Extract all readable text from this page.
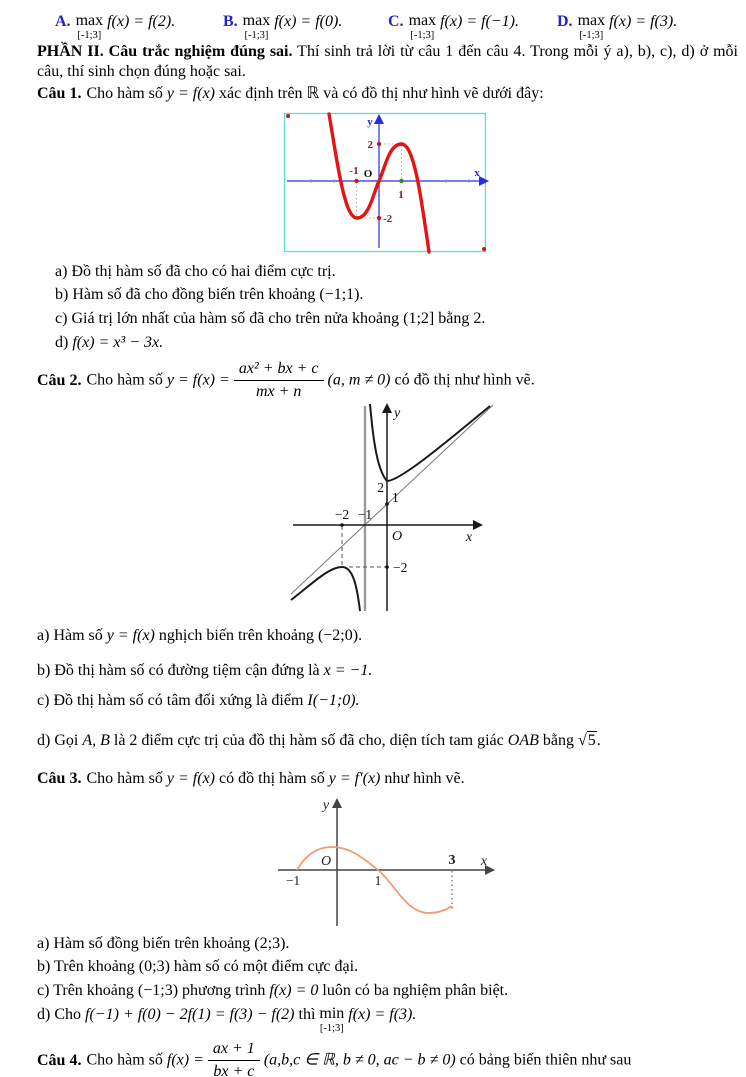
A. max
[-1;3]
f(x) = f(2).	B. max
[-1;3]
f(x) = f(0).	C. max
[-1;3]
f(x) = f(−1). D. max
[-1;3]
f(x) = f(3).
PHẦN II. Câu trắc nghiệm đúng sai. Thí sinh trả lời từ câu 1 đến câu 4. Trong mỗi ý a), b), c), d) ở mỗi câu, thí sinh chọn đúng hoặc sai.
Câu 1. Cho hàm số y = f(x) xác định trên ℝ và có đồ thị như hình vẽ dưới đây:
y
x
O
-1
1
2
-2
a) Đồ thị hàm số đã cho có hai điểm cực trị.
b) Hàm số đã cho đồng biến trên khoảng (−1;1).
c) Giá trị lớn nhất của hàm số đã cho trên nửa khoảng (1;2] bằng 2.
d) f(x) = x³ − 3x.
Câu 2. Cho hàm số $y = f(x) = \frac{\text{ax² + bx + c}}{mx + n} (a$, m ≠ 0) có đồ thị như hình vẽ.
y
x
O
−2 −1
2
1
−2
a) Hàm số y = f(x) nghịch biến trên khoảng (−2;0).
b) Đồ thị hàm số có đường tiệm cận đứng là x = −1.
c) Đồ thị hàm số có tâm đối xứng là điểm I(−1;0).
d) Gọi A, B là 2 điểm cực trị của đồ thị hàm số đã cho, diện tích tam giác OAB bằng √5.
Câu 3. Cho hàm số y = f(x) có đồ thị hàm số y = f′(x) như hình vẽ.
y
x
O
−1	1
3
a) Hàm số đồng biến trên khoảng (2;3).
b) Trên khoảng (0;3) hàm số có một điểm cực đại.
c) Trên khoảng (−1;3) phương trình f(x) = 0 luôn có ba nghiệm phân biệt.
d) Cho f(−1) + f(0) − 2f(1) = f(3) − f(2) thì min
[-1;3]
f(x) = f(3).
Câu 4. Cho hàm số $f(x) = \frac{ax + 1}{bx + c} (a,b,c$ ∈ ℝ, b ≠ 0, ac − b ≠ 0) có bảng biến thiên như sau
